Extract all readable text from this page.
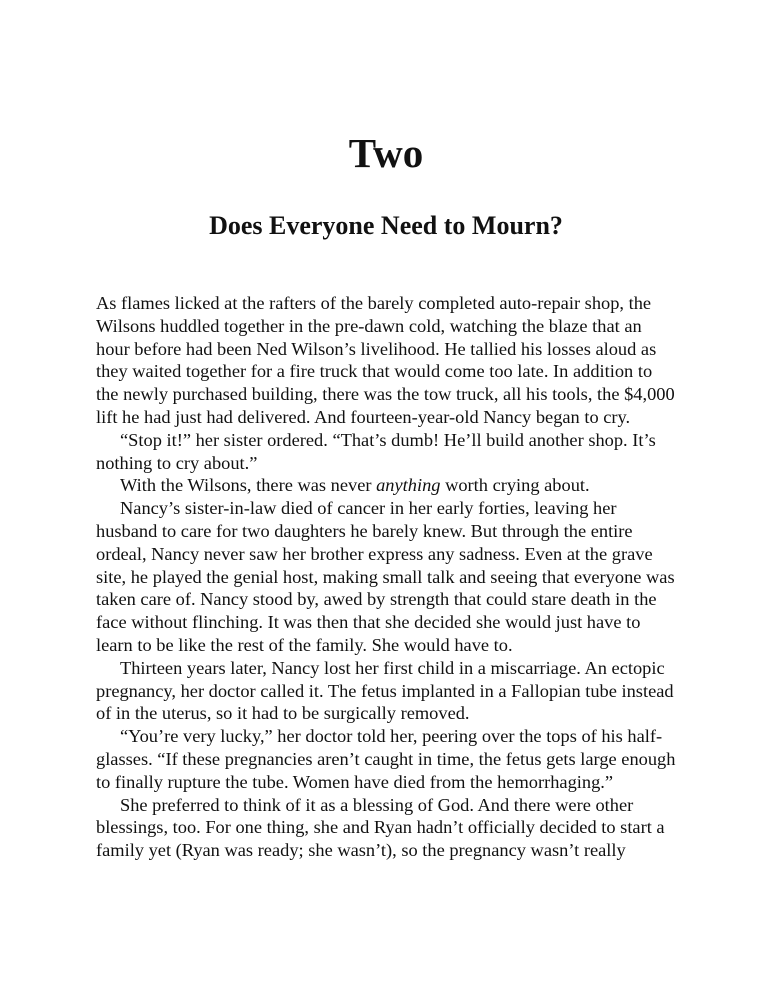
Two
Does Everyone Need to Mourn?

As flames licked at the rafters of the barely completed auto-repair shop, the Wilsons huddled together in the pre-dawn cold, watching the blaze that an hour before had been Ned Wilson’s livelihood. He tallied his losses aloud as they waited together for a fire truck that would come too late. In addition to the newly purchased building, there was the tow truck, all his tools, the $4,000 lift he had just had delivered. And fourteen-year-old Nancy began to cry.

“Stop it!” her sister ordered. “That’s dumb! He’ll build another shop. It’s nothing to cry about.”

With the Wilsons, there was never anything worth crying about.

Nancy’s sister-in-law died of cancer in her early forties, leaving her husband to care for two daughters he barely knew. But through the entire ordeal, Nancy never saw her brother express any sadness. Even at the grave site, he played the genial host, making small talk and seeing that everyone was taken care of. Nancy stood by, awed by strength that could stare death in the face without flinching. It was then that she decided she would just have to learn to be like the rest of the family. She would have to.

Thirteen years later, Nancy lost her first child in a miscarriage. An ectopic pregnancy, her doctor called it. The fetus implanted in a Fallopian tube instead of in the uterus, so it had to be surgically removed.

“You’re very lucky,” her doctor told her, peering over the tops of his half-glasses. “If these pregnancies aren’t caught in time, the fetus gets large enough to finally rupture the tube. Women have died from the hemorrhaging.”

She preferred to think of it as a blessing of God. And there were other blessings, too. For one thing, she and Ryan hadn’t officially decided to start a family yet (Ryan was ready; she wasn’t), so the pregnancy wasn’t really
